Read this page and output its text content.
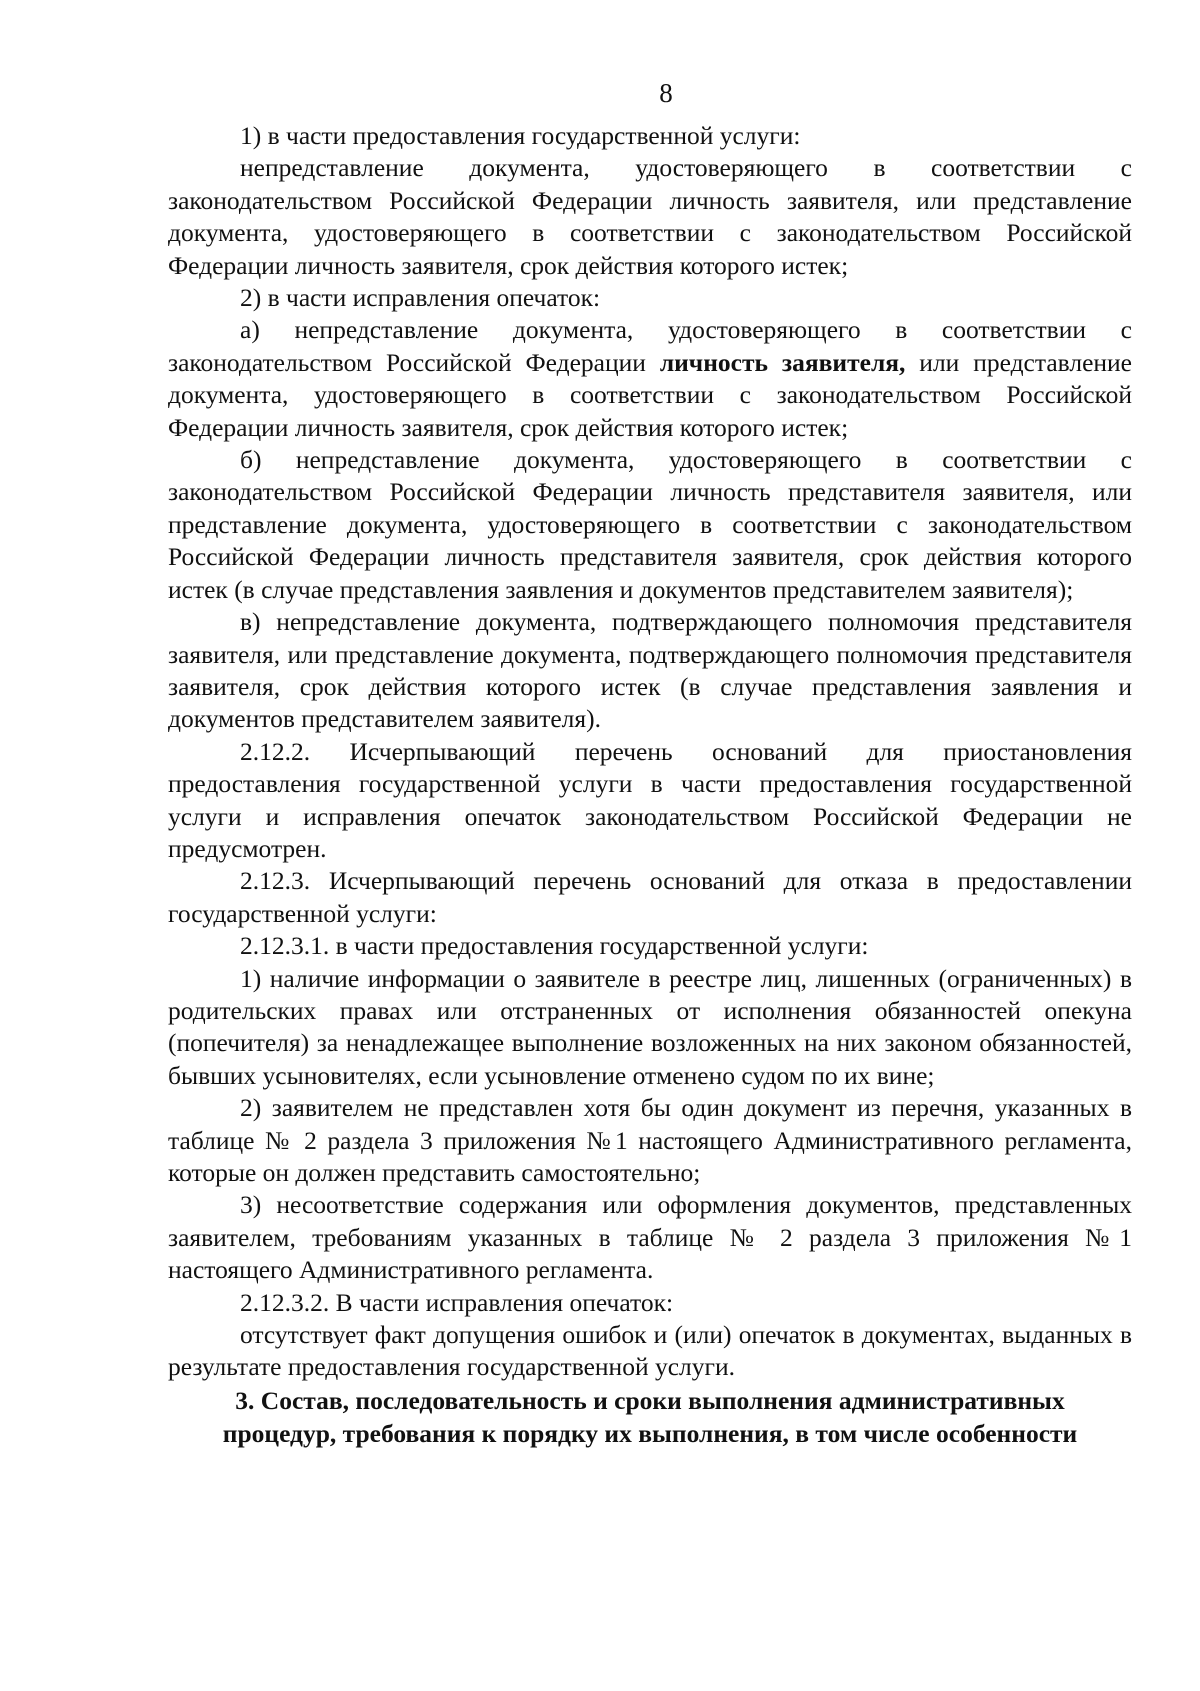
8

1) в части предоставления государственной услуги:

непредставление документа, удостоверяющего в соответствии с законодательством Российской Федерации личность заявителя, или представление документа, удостоверяющего в соответствии с законодательством Российской Федерации личность заявителя, срок действия которого истек;

2) в части исправления опечаток:

а) непредставление документа, удостоверяющего в соответствии с законодательством Российской Федерации личность заявителя, или представление документа, удостоверяющего в соответствии с законодательством Российской Федерации личность заявителя, срок действия которого истек;

б) непредставление документа, удостоверяющего в соответствии с законодательством Российской Федерации личность представителя заявителя, или представление документа, удостоверяющего в соответствии с законодательством Российской Федерации личность представителя заявителя, срок действия которого истек (в случае представления заявления и документов представителем заявителя);

в) непредставление документа, подтверждающего полномочия представителя заявителя, или представление документа, подтверждающего полномочия представителя заявителя, срок действия которого истек (в случае представления заявления и документов представителем заявителя).

2.12.2. Исчерпывающий перечень оснований для приостановления предоставления государственной услуги в части предоставления государственной услуги и исправления опечаток законодательством Российской Федерации не предусмотрен.

2.12.3. Исчерпывающий перечень оснований для отказа в предоставлении государственной услуги:

2.12.3.1. в части предоставления государственной услуги:

1) наличие информации о заявителе в реестре лиц, лишенных (ограниченных) в родительских правах или отстраненных от исполнения обязанностей опекуна (попечителя) за ненадлежащее выполнение возложенных на них законом обязанностей, бывших усыновителях, если усыновление отменено судом по их вине;

2) заявителем не представлен хотя бы один документ из перечня, указанных в таблице № 2 раздела 3 приложения №1 настоящего Административного регламента, которые он должен представить самостоятельно;

3) несоответствие содержания или оформления документов, представленных заявителем, требованиям указанных в таблице № 2 раздела 3 приложения №1 настоящего Административного регламента.

2.12.3.2. В части исправления опечаток:

отсутствует факт допущения ошибок и (или) опечаток в документах, выданных в результате предоставления государственной услуги.

3. Состав, последовательность и сроки выполнения административных
процедур, требования к порядку их выполнения, в том числе особенности
